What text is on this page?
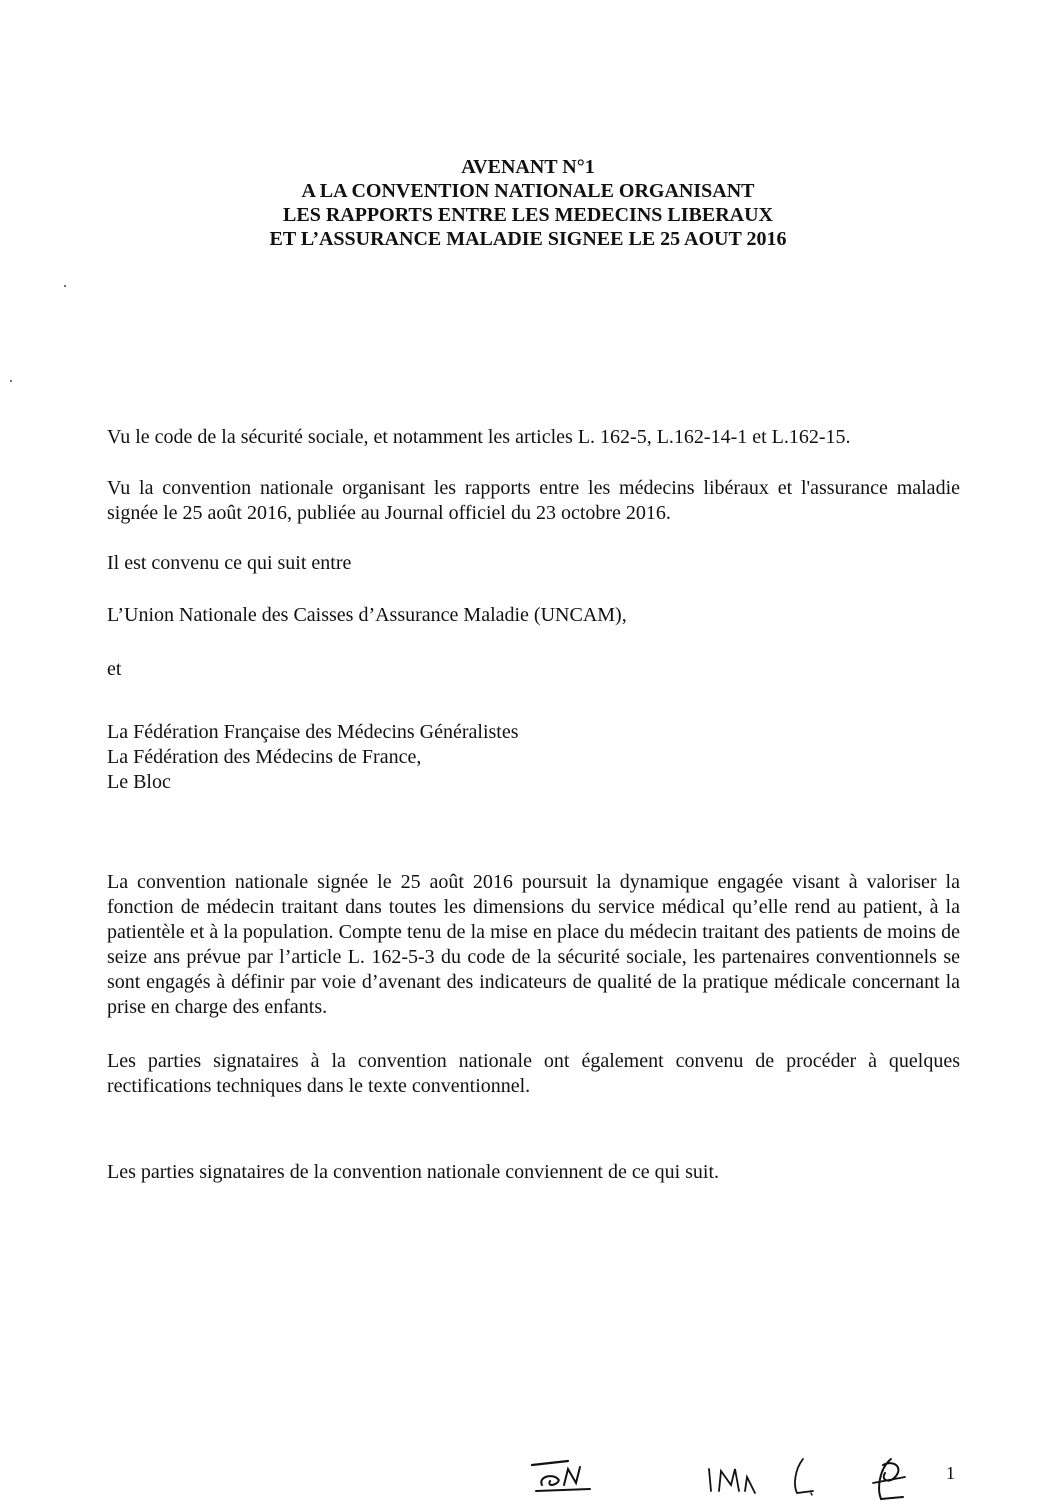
AVENANT N°1
A LA CONVENTION NATIONALE ORGANISANT
LES RAPPORTS ENTRE LES MEDECINS LIBERAUX
ET L’ASSURANCE MALADIE SIGNEE LE 25 AOUT 2016

Vu le code de la sécurité sociale, et notamment les articles L. 162-5, L.162-14-1 et L.162-15.

Vu la convention nationale organisant les rapports entre les médecins libéraux et l'assurance maladie signée le 25 août 2016, publiée au Journal officiel du 23 octobre 2016.

Il est convenu ce qui suit entre

L’Union Nationale des Caisses d’Assurance Maladie (UNCAM),

et

La Fédération Française des Médecins Généralistes
La Fédération des Médecins de France,
Le Bloc

La convention nationale signée le 25 août 2016 poursuit la dynamique engagée visant à valoriser la fonction de médecin traitant dans toutes les dimensions du service médical qu’elle rend au patient, à la patientèle et à la population. Compte tenu de la mise en place du médecin traitant des patients de moins de seize ans prévue par l’article L. 162-5-3 du code de la sécurité sociale, les partenaires conventionnels se sont engagés à définir par voie d’avenant des indicateurs de qualité de la pratique médicale concernant la prise en charge des enfants.

Les parties signataires à la convention nationale ont également convenu de procéder à quelques rectifications techniques dans le texte conventionnel.

Les parties signataires de la convention nationale conviennent de ce qui suit.

1
